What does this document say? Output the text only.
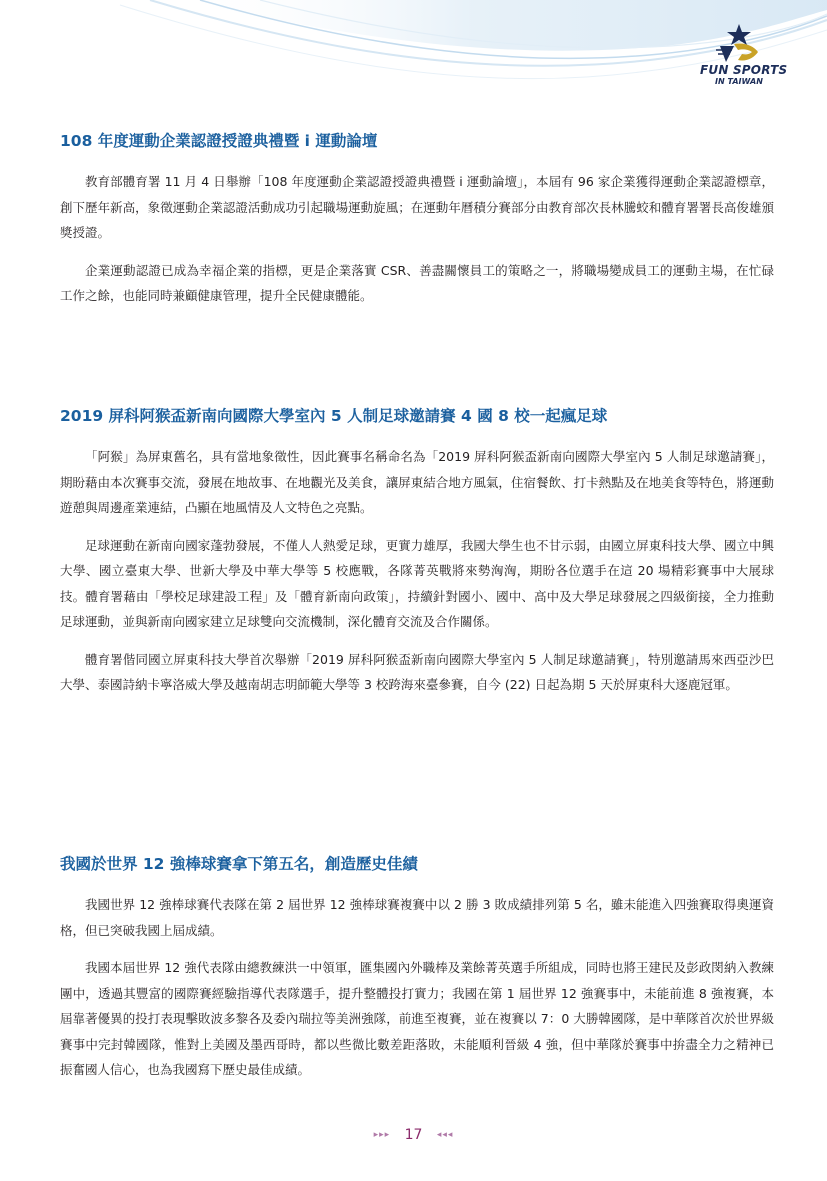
FUN SPORTS
IN TAIWAN
108 年度運動企業認證授證典禮暨 i 運動論壇

教育部體育署 11 月 4 日舉辦「108 年度運動企業認證授證典禮暨 i 運動論壇」，本屆有 96 家企業獲得運動企業認證標章，創下歷年新高，象徵運動企業認證活動成功引起職場運動旋風；在運動年曆積分賽部分由教育部次長林騰蛟和體育署署長高俊雄頒獎授證。

企業運動認證已成為幸福企業的指標，更是企業落實 CSR、善盡關懷員工的策略之一，將職場變成員工的運動主場，在忙碌工作之餘，也能同時兼顧健康管理，提升全民健康體能。

2019 屏科阿猴盃新南向國際大學室內 5 人制足球邀請賽 4 國 8 校一起瘋足球

「阿猴」為屏東舊名，具有當地象徵性，因此賽事名稱命名為「2019 屏科阿猴盃新南向國際大學室內 5 人制足球邀請賽」，期盼藉由本次賽事交流，發展在地故事、在地觀光及美食，讓屏東結合地方風氣，住宿餐飲、打卡熱點及在地美食等特色，將運動遊憩與周邊產業連結，凸顯在地風情及人文特色之亮點。

足球運動在新南向國家蓬勃發展，不僅人人熱愛足球，更實力雄厚，我國大學生也不甘示弱，由國立屏東科技大學、國立中興大學、國立臺東大學、世新大學及中華大學等 5 校應戰，各隊菁英戰將來勢洶洶，期盼各位選手在這 20 場精彩賽事中大展球技。體育署藉由「學校足球建設工程」及「體育新南向政策」，持續針對國小、國中、高中及大學足球發展之四級銜接，全力推動足球運動，並與新南向國家建立足球雙向交流機制，深化體育交流及合作關係。

體育署偕同國立屏東科技大學首次舉辦「2019 屏科阿猴盃新南向國際大學室內 5 人制足球邀請賽」，特別邀請馬來西亞沙巴大學、泰國詩納卡寧洛威大學及越南胡志明師範大學等 3 校跨海來臺參賽，自今 (22) 日起為期 5 天於屏東科大逐鹿冠軍。

我國於世界 12 強棒球賽拿下第五名，創造歷史佳績

我國世界 12 強棒球賽代表隊在第 2 屆世界 12 強棒球賽複賽中以 2 勝 3 敗成績排列第 5 名，雖未能進入四強賽取得奧運資格，但已突破我國上屆成績。

我國本屆世界 12 強代表隊由總教練洪一中領軍，匯集國內外職棒及業餘菁英選手所組成，同時也將王建民及彭政閔納入教練團中，透過其豐富的國際賽經驗指導代表隊選手，提升整體投打實力；我國在第 1 屆世界 12 強賽事中，未能前進 8 強複賽，本屆靠著優異的投打表現擊敗波多黎各及委內瑞拉等美洲強隊，前進至複賽，並在複賽以 7：0 大勝韓國隊，是中華隊首次於世界級賽事中完封韓國隊，惟對上美國及墨西哥時，都以些微比數差距落敗，未能順利晉級 4 強，但中華隊於賽事中拚盡全力之精神已振奮國人信心，也為我國寫下歷史最佳成績。

▸▸▸ 17 ◂◂◂
